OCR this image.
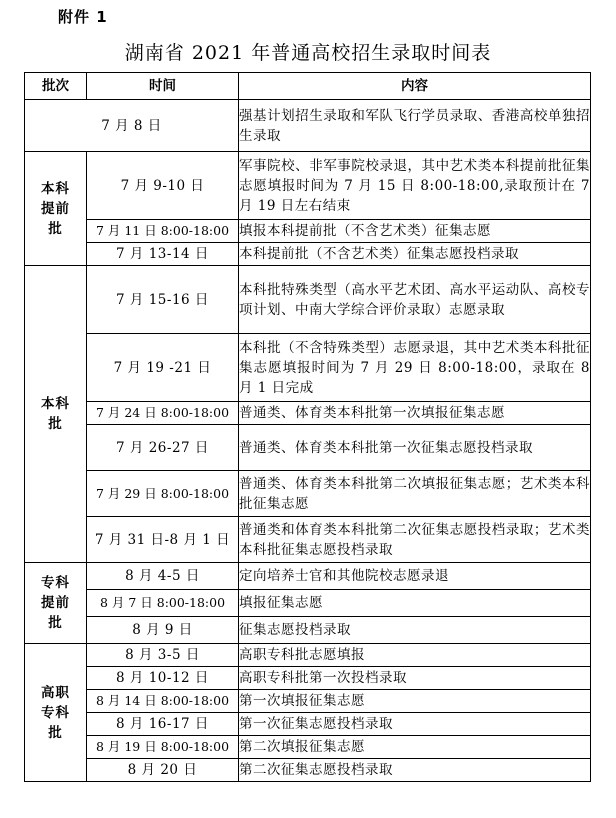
附件 1
湖南省 2021 年普通高校招生录取时间表
批次	时间	内容
7 月 8 日		强基计划招生录取和军队飞行学员录取、香港高校单独招生录取
本科提前批	7 月 9-10 日	军事院校、非军事院校录退，其中艺术类本科提前批征集志愿填报时间为 7 月 15 日 8:00-18:00,录取预计在 7 月 19 日左右结束
	7 月 11 日 8:00-18:00	填报本科提前批（不含艺术类）征集志愿
	7 月 13-14 日	本科提前批（不含艺术类）征集志愿投档录取
本科批	7 月 15-16 日	本科批特殊类型（高水平艺术团、高水平运动队、高校专项计划、中南大学综合评价录取）志愿录取
	7 月 19 -21 日	本科批（不含特殊类型）志愿录退，其中艺术类本科批征集志愿填报时间为 7 月 29 日 8:00-18:00，录取在 8 月 1 日完成
	7 月 24 日 8:00-18:00	普通类、体育类本科批第一次填报征集志愿
	7 月 26-27 日	普通类、体育类本科批第一次征集志愿投档录取
	7 月 29 日 8:00-18:00	普通类、体育类本科批第二次填报征集志愿；艺术类本科批征集志愿
	7 月 31 日-8 月 1 日	普通类和体育类本科批第二次征集志愿投档录取；艺术类本科批征集志愿投档录取
专科提前批	8 月 4-5 日	定向培养士官和其他院校志愿录退
	8 月 7 日 8:00-18:00	填报征集志愿
	8 月 9 日	征集志愿投档录取
高职专科批	8 月 3-5 日	高职专科批志愿填报
	8 月 10-12 日	高职专科批第一次投档录取
	8 月 14 日 8:00-18:00	第一次填报征集志愿
	8 月 16-17 日	第一次征集志愿投档录取
	8 月 19 日 8:00-18:00	第二次填报征集志愿
	8 月 20 日	第二次征集志愿投档录取
